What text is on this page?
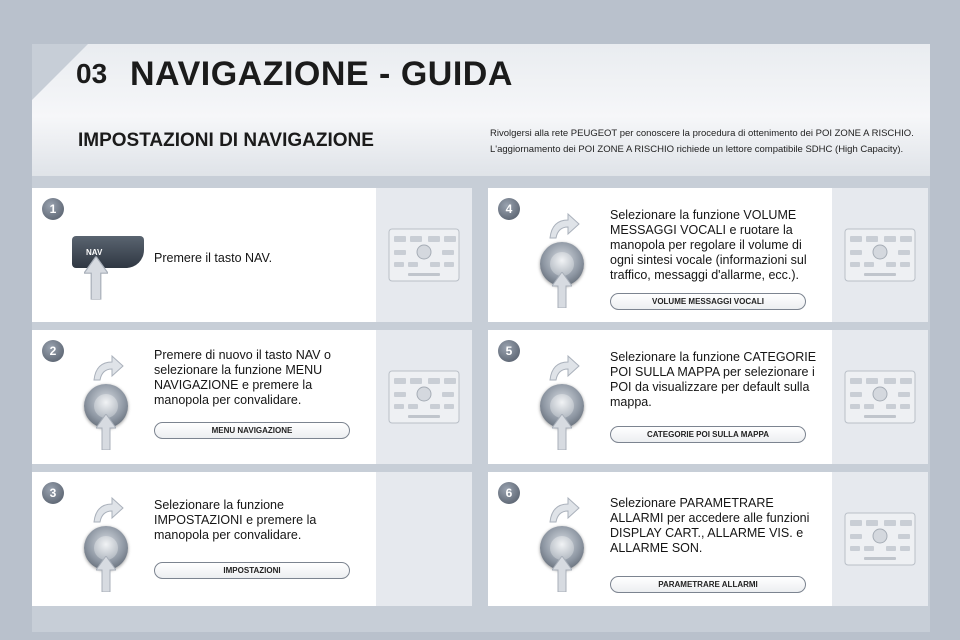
03 NAVIGAZIONE - GUIDA
IMPOSTAZIONI DI NAVIGAZIONE	Rivolgersi alla rete PEUGEOT per conoscere la procedura di ottenimento dei POI ZONE A RISCHIO.

L'aggiornamento dei POI ZONE A RISCHIO richiede un lettore compatibile SDHC (High Capacity).

1
NAV	Premere il tasto NAV.
2	Premere di nuovo il tasto NAV o
selezionare la funzione MENU
NAVIGAZIONE e premere la
manopola per convalidare.
MENU NAVIGAZIONE
3
Selezionare la funzione
IMPOSTAZIONI e premere la
manopola per convalidare.
IMPOSTAZIONI
4	Selezionare la funzione VOLUME
MESSAGGI VOCALI e ruotare la
manopola per regolare il volume di
ogni sintesi vocale (informazioni sul
traffico, messaggi d'allarme, ecc.).
VOLUME MESSAGGI VOCALI
5	Selezionare la funzione CATEGORIE
POI SULLA MAPPA per selezionare i
POI da visualizzare per default sulla
mappa.
CATEGORIE POI SULLA MAPPA
6
Selezionare PARAMETRARE
ALLARMI per accedere alle funzioni
DISPLAY CART., ALLARME VIS. e
ALLARME SON.
PARAMETRARE ALLARMI
